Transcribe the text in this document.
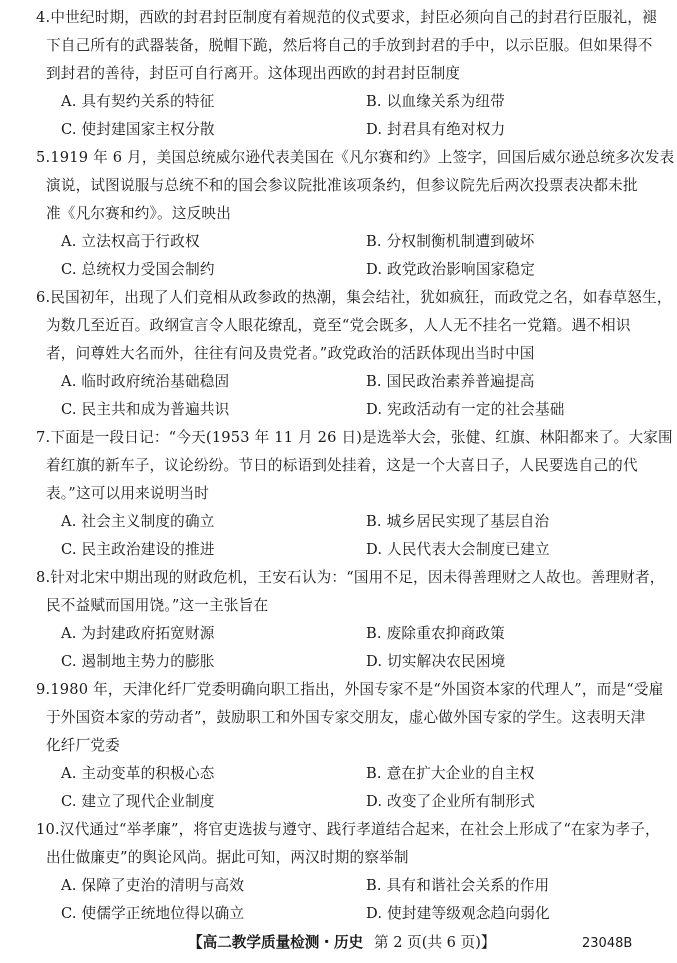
4.中世纪时期，西欧的封君封臣制度有着规范的仪式要求，封臣必须向自己的封君行臣服礼，褪
下自己所有的武器装备，脱帽下跪，然后将自己的手放到封君的手中，以示臣服。但如果得不
到封君的善待，封臣可自行离开。这体现出西欧的封君封臣制度
A. 具有契约关系的特征	B. 以血缘关系为纽带
C. 使封建国家主权分散	D. 封君具有绝对权力
5.1919 年 6 月，美国总统威尔逊代表美国在《凡尔赛和约》上签字，回国后威尔逊总统多次发表
演说，试图说服与总统不和的国会参议院批准该项条约，但参议院先后两次投票表决都未批
准《凡尔赛和约》。这反映出
A. 立法权高于行政权	B. 分权制衡机制遭到破坏
C. 总统权力受国会制约	D. 政党政治影响国家稳定
6.民国初年，出现了人们竞相从政参政的热潮，集会结社，犹如疯狂，而政党之名，如春草怒生，
为数几至近百。政纲宣言令人眼花缭乱，竟至“党会既多，人人无不挂名一党籍。遇不相识
者，问尊姓大名而外，往往有问及贵党者。”政党政治的活跃体现出当时中国
A. 临时政府统治基础稳固	B. 国民政治素养普遍提高
C. 民主共和成为普遍共识	D. 宪政活动有一定的社会基础
7.下面是一段日记：“今天(1953 年 11 月 26 日)是选举大会，张健、红旗、林阳都来了。大家围
着红旗的新车子，议论纷纷。节日的标语到处挂着，这是一个大喜日子，人民要选自己的代
表。”这可以用来说明当时
A. 社会主义制度的确立	B. 城乡居民实现了基层自治
C. 民主政治建设的推进	D. 人民代表大会制度已建立
8.针对北宋中期出现的财政危机，王安石认为：“国用不足，因未得善理财之人故也。善理财者，
民不益赋而国用饶。”这一主张旨在
A. 为封建政府拓宽财源	B. 废除重农抑商政策
C. 遏制地主势力的膨胀	D. 切实解决农民困境
9.1980 年，天津化纤厂党委明确向职工指出，外国专家不是“外国资本家的代理人”，而是“受雇
于外国资本家的劳动者”，鼓励职工和外国专家交朋友，虚心做外国专家的学生。这表明天津
化纤厂党委
A. 主动变革的积极心态	B. 意在扩大企业的自主权
C. 建立了现代企业制度	D. 改变了企业所有制形式
10.汉代通过“举孝廉”，将官吏选拔与遵守、践行孝道结合起来，在社会上形成了“在家为孝子，
出仕做廉吏”的舆论风尚。据此可知，两汉时期的察举制
A. 保障了吏治的清明与高效	B. 具有和谐社会关系的作用
C. 使儒学正统地位得以确立	D. 使封建等级观念趋向弱化
【高二教学质量检测・历史 第 2 页(共 6 页)】	23048B
